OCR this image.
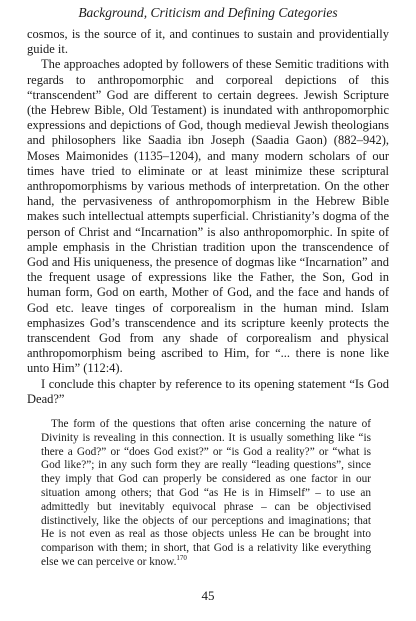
Background, Criticism and Defining Categories

cosmos, is the source of it, and continues to sustain and providentially guide it.

The approaches adopted by followers of these Semitic traditions with regards to anthropomorphic and corporeal depictions of this “transcendent” God are different to certain degrees. Jewish Scripture (the Hebrew Bible, Old Testament) is inundated with anthropomorphic expressions and depictions of God, though medieval Jewish theologians and philosophers like Saadia ibn Joseph (Saadia Gaon) (882–942), Moses Maimonides (1135–1204), and many modern scholars of our times have tried to eliminate or at least minimize these scriptural anthropomorphisms by various methods of interpretation. On the other hand, the pervasiveness of anthropomorphism in the Hebrew Bible makes such intellectual attempts superficial. Christianity’s dogma of the person of Christ and “Incarnation” is also anthropomorphic. In spite of ample emphasis in the Christian tradition upon the transcendence of God and His uniqueness, the presence of dogmas like “Incarnation” and the frequent usage of expressions like the Father, the Son, God in human form, God on earth, Mother of God, and the face and hands of God etc. leave tinges of corporealism in the human mind. Islam emphasizes God’s transcendence and its scripture keenly protects the transcendent God from any shade of corporealism and physical anthropomorphism being ascribed to Him, for “... there is none like unto Him” (112:4).

I conclude this chapter by reference to its opening statement “Is God Dead?”

The form of the questions that often arise concerning the nature of Divinity is revealing in this connection. It is usually something like “is there a God?” or “does God exist?” or “is God a reality?” or “what is God like?”; in any such form they are really “leading questions”, since they imply that God can properly be considered as one factor in our situation among others; that God “as He is in Himself” – to use an admittedly but inevitably equivocal phrase – can be objectivised distinctively, like the objects of our perceptions and imaginations; that He is not even as real as those objects unless He can be brought into comparison with them; in short, that God is a relativity like everything else we can perceive or know.$^{170}$

45
